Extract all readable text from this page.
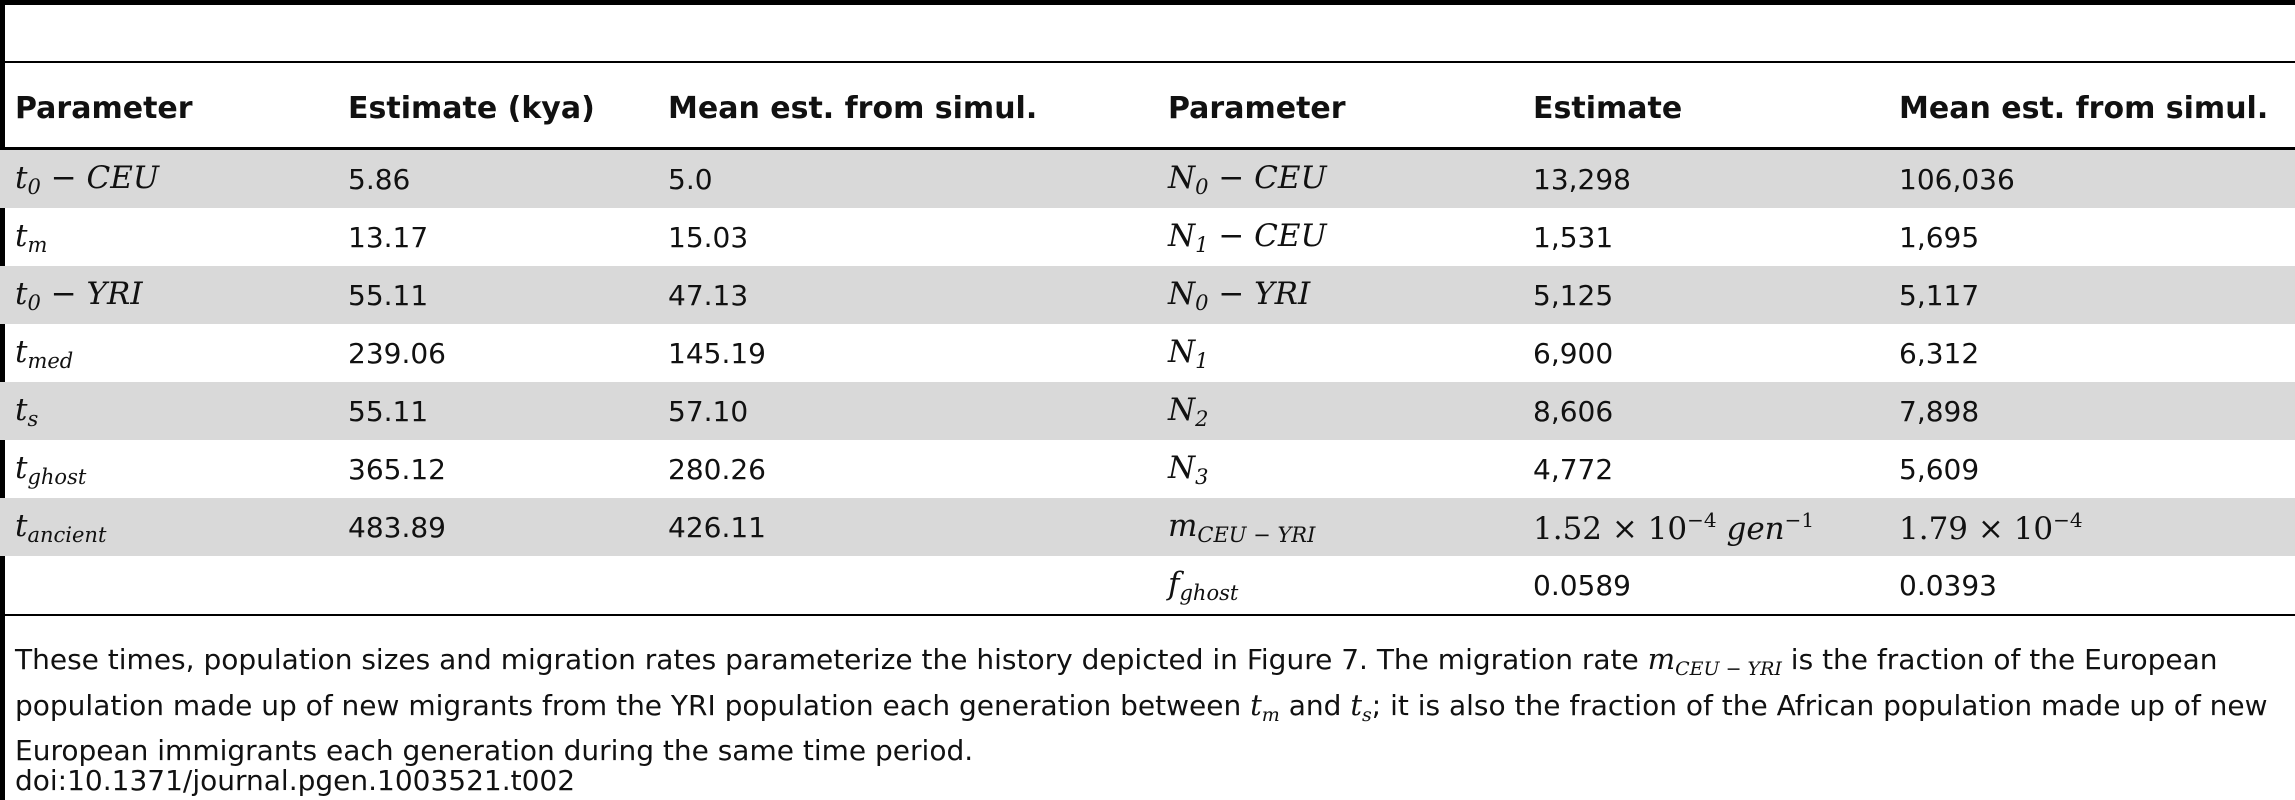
Parameter	Estimate (kya)	Mean est. from simul.	Parameter	Estimate	Mean est. from simul.
$t_0$ − CEU	5.86	5.0	$N_0$ − CEU	13,298	106,036
$t_m$	13.17	15.03	$N_1$ − CEU	1,531	1,695
$t_0$ − YRI	55.11	47.13	$N_0$ − YRI	5,125	5,117
$t_{med}$	239.06	145.19	$N_1$	6,900	6,312
$t_s$	55.11	57.10	$N_2$	8,606	7,898
$t_{ghost}$	365.12	280.26	$N_3$	4,772	5,609
$t_{ancient}$	483.89	426.11	$m_{CEU - YRI}$	$1.52 \times 10^{-4}$ gen$^{-1}$	$1.79 \times 10^{-4}$
			$f_{ghost}$	0.0589	0.0393

These times, population sizes and migration rates parameterize the history depicted in Figure 7. The migration rate $m_{CEU - YRI}$ is the fraction of the European population made up of new migrants from the YRI population each generation between $t_m$ and $t_s$; it is also the fraction of the African population made up of new European immigrants each generation during the same time period.

doi:10.1371/journal.pgen.1003521.t002
